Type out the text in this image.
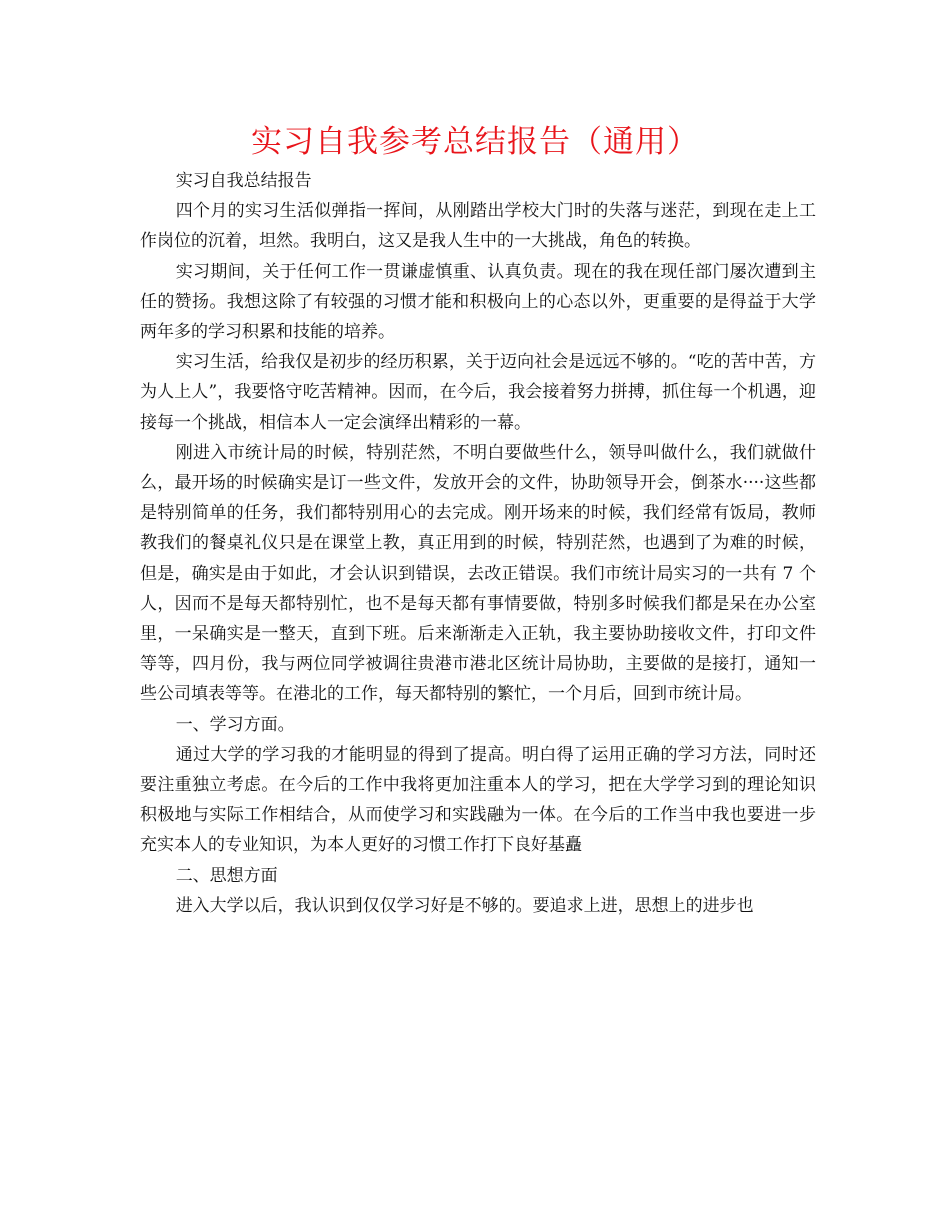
实习自我参考总结报告（通用）

实习自我总结报告

四个月的实习生活似弹指一挥间，从刚踏出学校大门时的失落与迷茫，到现在走上工作岗位的沉着，坦然。我明白，这又是我人生中的一大挑战，角色的转换。

实习期间，关于任何工作一贯谦虚慎重、认真负责。现在的我在现任部门屡次遭到主任的赞扬。我想这除了有较强的习惯才能和积极向上的心态以外，更重要的是得益于大学两年多的学习积累和技能的培养。

实习生活，给我仅是初步的经历积累，关于迈向社会是远远不够的。“吃的苦中苦，方为人上人”，我要恪守吃苦精神。因而，在今后，我会接着努力拼搏，抓住每一个机遇，迎接每一个挑战，相信本人一定会演绎出精彩的一幕。

刚进入市统计局的时候，特别茫然，不明白要做些什么，领导叫做什么，我们就做什么，最开场的时候确实是订一些文件，发放开会的文件，协助领导开会，倒茶水····这些都是特别简单的任务，我们都特别用心的去完成。刚开场来的时候，我们经常有饭局，教师教我们的餐桌礼仪只是在课堂上教，真正用到的时候，特别茫然，也遇到了为难的时候，但是，确实是由于如此，才会认识到错误，去改正错误。我们市统计局实习的一共有 7 个人，因而不是每天都特别忙，也不是每天都有事情要做，特别多时候我们都是呆在办公室里，一呆确实是一整天，直到下班。后来渐渐走入正轨，我主要协助接收文件，打印文件等等，四月份，我与两位同学被调往贵港市港北区统计局协助，主要做的是接打，通知一些公司填表等等。在港北的工作，每天都特别的繁忙，一个月后，回到市统计局。

一、学习方面。

通过大学的学习我的才能明显的得到了提高。明白得了运用正确的学习方法，同时还要注重独立考虑。在今后的工作中我将更加注重本人的学习，把在大学学习到的理论知识积极地与实际工作相结合，从而使学习和实践融为一体。在今后的工作当中我也要进一步充实本人的专业知识，为本人更好的习惯工作打下良好基矗

二、思想方面

进入大学以后，我认识到仅仅学习好是不够的。要追求上进，思想上的进步也
